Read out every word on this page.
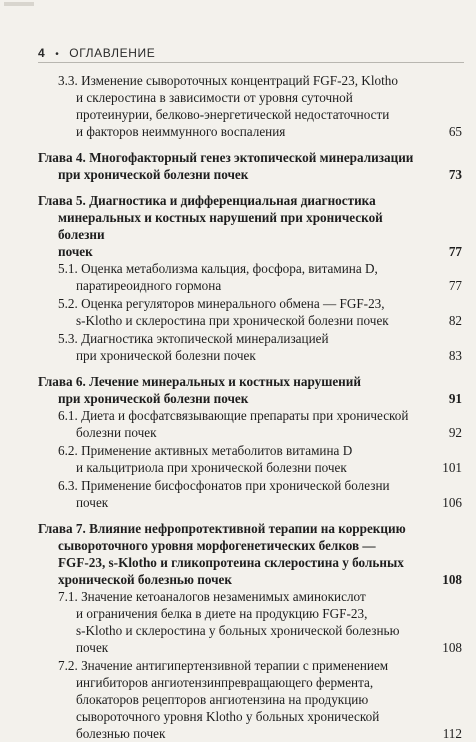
4 • ОГЛАВЛЕНИЕ
3.3. Изменение сывороточных концентраций FGF-23, Klotho
и склеростина в зависимости от уровня суточной
протеинурии, белково-энергетической недостаточности
и факторов неиммунного воспаления	65
Глава 4. Многофакторный генез эктопической минерализации
при хронической болезни почек	73
Глава 5. Диагностика и дифференциальная диагностика
минеральных и костных нарушений при хронической болезни
почек	77
5.1. Оценка метаболизма кальция, фосфора, витамина D,
паратиреоидного гормона	77
5.2. Оценка регуляторов минерального обмена — FGF-23,
s-Klotho и склеростина при хронической болезни почек	82
5.3. Диагностика эктопической минерализацией
при хронической болезни почек	83
Глава 6. Лечение минеральных и костных нарушений
при хронической болезни почек	91
6.1. Диета и фосфатсвязывающие препараты при хронической
болезни почек	92
6.2. Применение активных метаболитов витамина D
и кальцитриола при хронической болезни почек	101
6.3. Применение бисфосфонатов при хронической болезни
почек	106
Глава 7. Влияние нефропротективной терапии на коррекцию
сывороточного уровня морфогенетических белков —
FGF-23, s-Klotho и гликопротеина склеростина у больных
хронической болезнью почек	108
7.1. Значение кетоаналогов незаменимых аминокислот
и ограничения белка в диете на продукцию FGF-23,
s-Klotho и склеростина у больных хронической болезнью
почек	108
7.2. Значение антигипертензивной терапии с применением
ингибиторов ангиотензинпревращающего фермента,
блокаторов рецепторов ангиотензина на продукцию
сывороточного уровня Klotho у больных хронической
болезнью почек	112
